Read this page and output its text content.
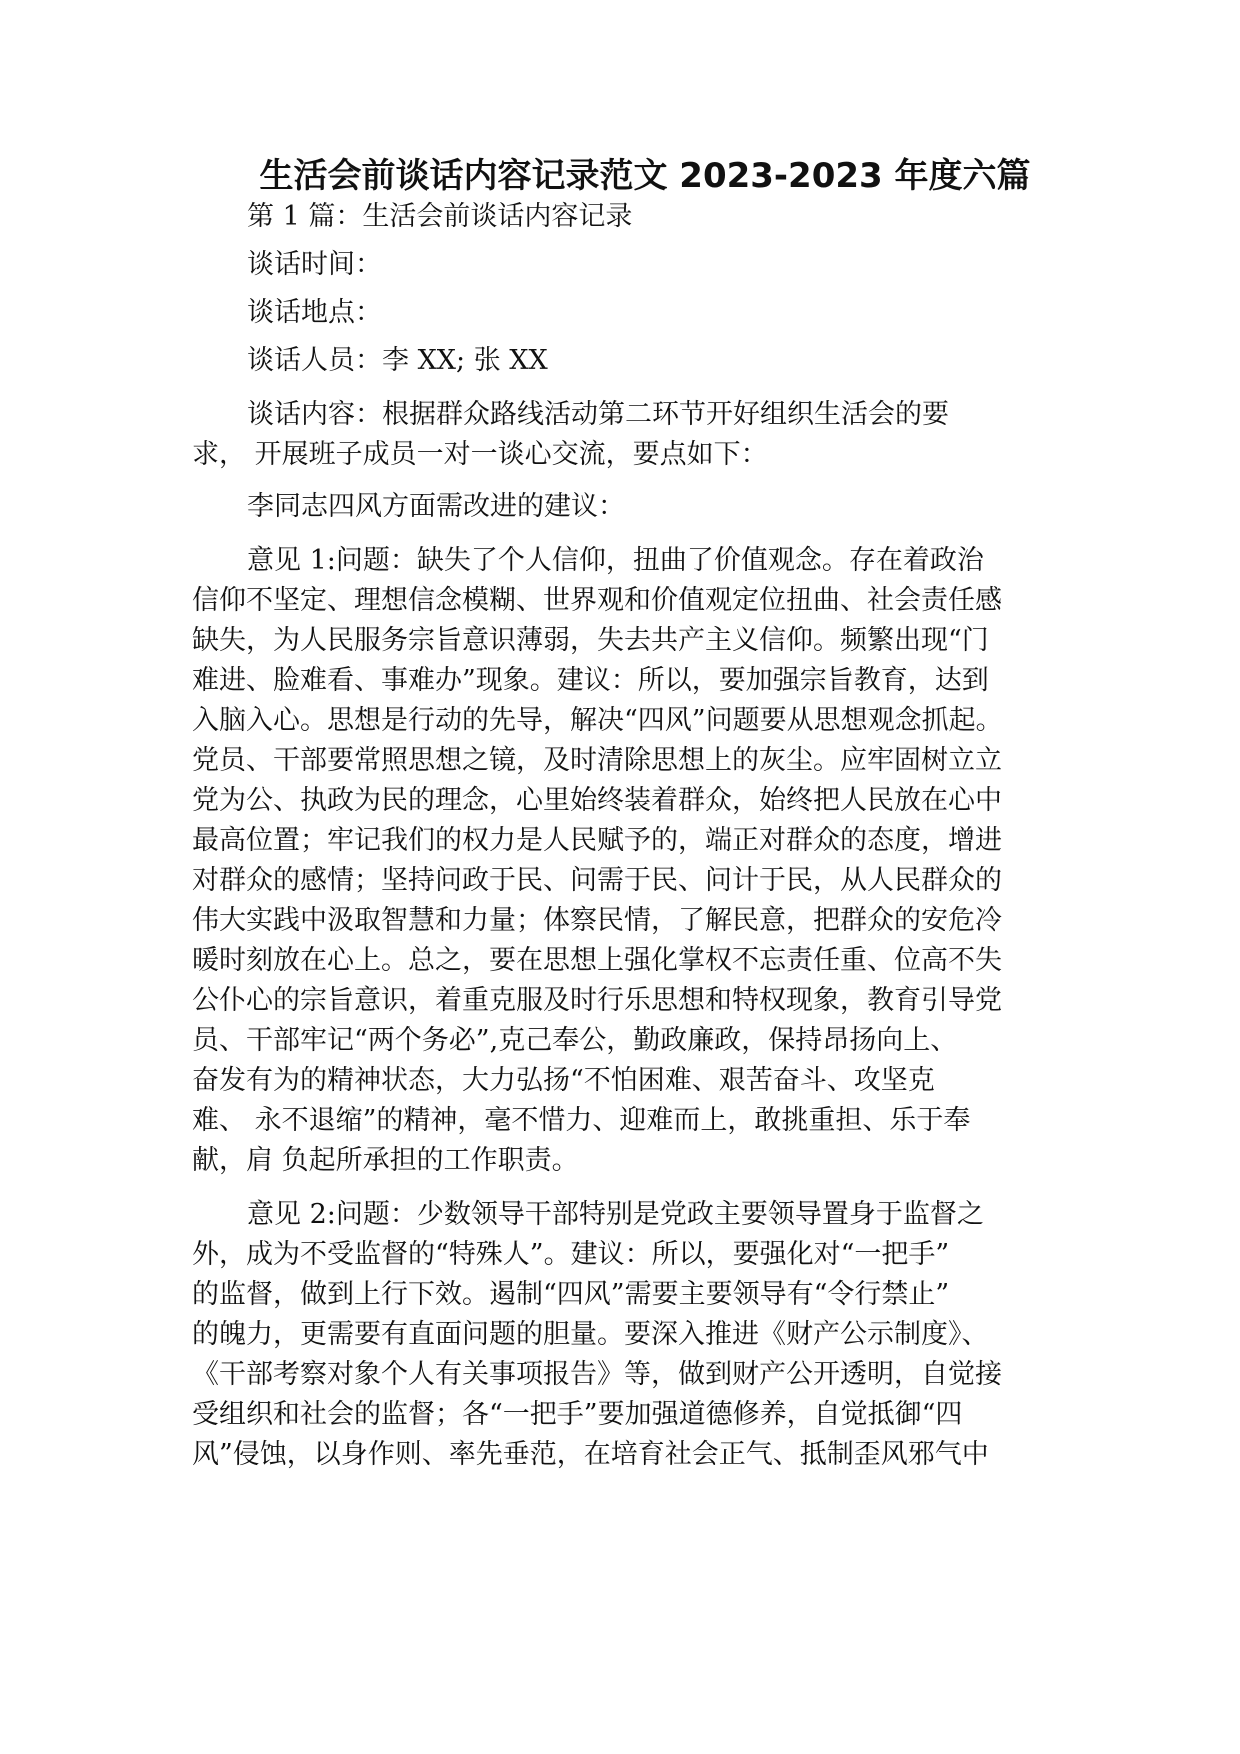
生活会前谈话内容记录范文 2023-2023 年度六篇
第 1 篇：生活会前谈话内容记录
谈话时间：
谈话地点：
谈话人员：李 XX; 张 XX
谈话内容：根据群众路线活动第二环节开好组织生活会的要
求， 开展班子成员一对一谈心交流，要点如下：
李同志四风方面需改进的建议：
意见 1:问题：缺失了个人信仰，扭曲了价值观念。存在着政治
信仰不坚定、理想信念模糊、世界观和价值观定位扭曲、社会责任感
缺失，为人民服务宗旨意识薄弱，失去共产主义信仰。频繁出现“门
难进、脸难看、事难办”现象。建议：所以，要加强宗旨教育，达到
入脑入心。思想是行动的先导，解决“四风”问题要从思想观念抓起。
党员、干部要常照思想之镜，及时清除思想上的灰尘。应牢固树立立
党为公、执政为民的理念，心里始终装着群众，始终把人民放在心中
最高位置；牢记我们的权力是人民赋予的，端正对群众的态度，增进
对群众的感情；坚持问政于民、问需于民、问计于民，从人民群众的
伟大实践中汲取智慧和力量；体察民情，了解民意，把群众的安危冷
暖时刻放在心上。总之，要在思想上强化掌权不忘责任重、位高不失
公仆心的宗旨意识，着重克服及时行乐思想和特权现象，教育引导党
员、干部牢记“两个务必”,克己奉公，勤政廉政，保持昂扬向上、
奋发有为的精神状态，大力弘扬“不怕困难、艰苦奋斗、攻坚克
难、 永不退缩”的精神，毫不惜力、迎难而上，敢挑重担、乐于奉
献，肩 负起所承担的工作职责。
意见 2:问题：少数领导干部特别是党政主要领导置身于监督之
外，成为不受监督的“特殊人”。建议：所以，要强化对“一把手”
的监督，做到上行下效。遏制“四风”需要主要领导有“令行禁止”
的魄力，更需要有直面问题的胆量。要深入推进《财产公示制度》、
《干部考察对象个人有关事项报告》等，做到财产公开透明，自觉接
受组织和社会的监督；各“一把手”要加强道德修养，自觉抵御“四
风”侵蚀，以身作则、率先垂范，在培育社会正气、抵制歪风邪气中
